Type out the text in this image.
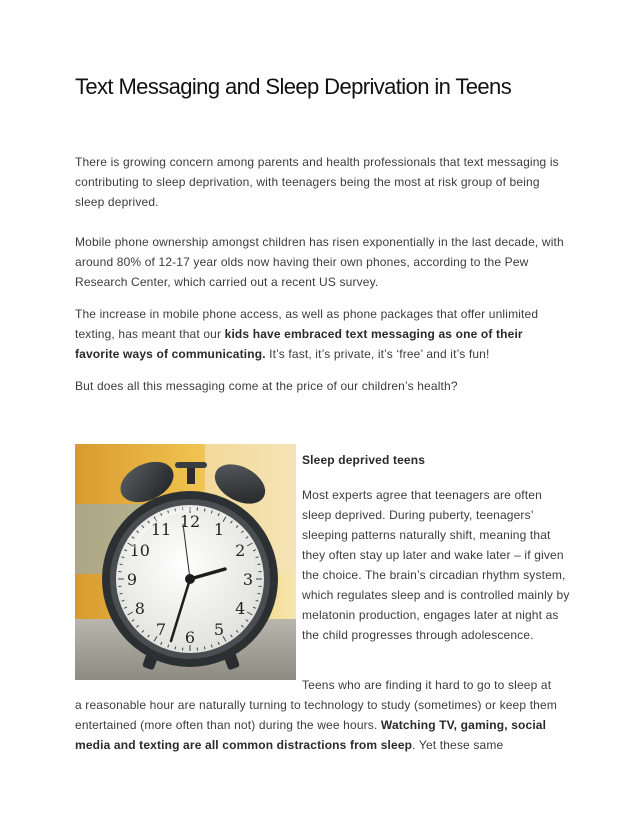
Text Messaging and Sleep Deprivation in Teens

There is growing concern among parents and health professionals that text messaging is contributing to sleep deprivation, with teenagers being the most at risk group of being sleep deprived.

Mobile phone ownership amongst children has risen exponentially in the last decade, with around 80% of 12-17 year olds now having their own phones, according to the Pew Research Center, which carried out a recent US survey.

The increase in mobile phone access, as well as phone packages that offer unlimited texting, has meant that our kids have embraced text messaging as one of their favorite ways of communicating. It’s fast, it’s private, it’s ‘free’ and it’s fun!

But does all this messaging come at the price of our children’s health?

12 1
2
3
4
5
6
7
8
9
10
11

Sleep deprived teens

Most experts agree that teenagers are often sleep deprived. During puberty, teenagers’ sleeping patterns naturally shift, meaning that they often stay up later and wake later – if given the choice. The brain’s circadian rhythm system, which regulates sleep and is controlled mainly by melatonin production, engages later at night as the child progresses through adolescence.

Teens who are finding it hard to go to sleep at

a reasonable hour are naturally turning to technology to study (sometimes) or keep them entertained (more often than not) during the wee hours. Watching TV, gaming, social media and texting are all common distractions from sleep. Yet these same
